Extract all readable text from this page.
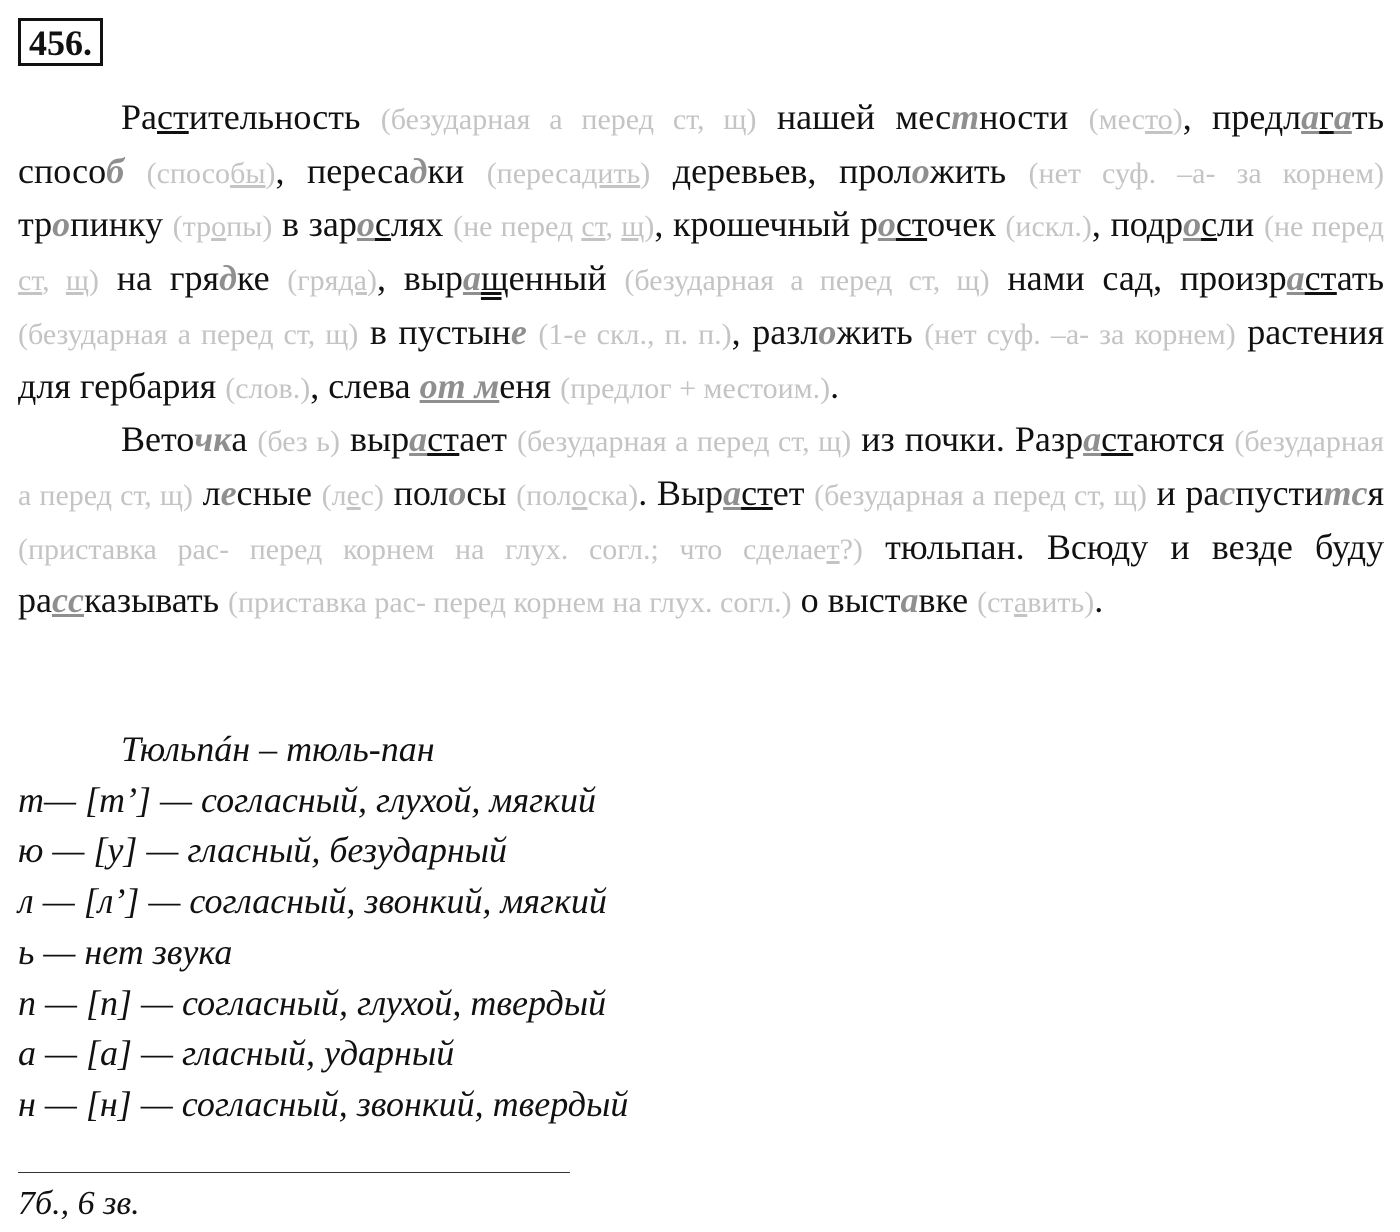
456.

Растительность (безударная а перед ст, щ) нашей местности (место), предлагать способ (способы), пересадки (пересадить) деревьев, проложить (нет суф. –а- за корнем) тропинку (тропы) в зарослях (не перед ст, щ), крошечный росточек (искл.), подросли (не перед ст, щ) на грядке (гряда), выращенный (безударная а перед ст, щ) нами сад, произрастать (безударная а перед ст, щ) в пустыне (1-е скл., п. п.), разложить (нет суф. –а- за корнем) растения для гербария (слов.), слева от меня (предлог + местоим.).

Веточка (без ь) вырастает (безударная а перед ст, щ) из почки. Разрастаются (безударная а перед ст, щ) лесные (лес) полосы (полоска). Вырастет (безударная а перед ст, щ) и распустится (приставка рас- перед корнем на глух. согл.; что сделает?) тюльпан. Всюду и везде буду рассказывать (приставка рас- перед корнем на глух. согл.) о выставке (ставить).

Тюльпáн – тюль-пан
т— [т’] — согласный, глухой, мягкий
ю — [у] — гласный, безударный
л — [л’] — согласный, звонкий, мягкий
ь — нет звука
п — [п] — согласный, глухой, твердый
а — [а] — гласный, ударный
н — [н] — согласный, звонкий, твердый
7б., 6 зв.
